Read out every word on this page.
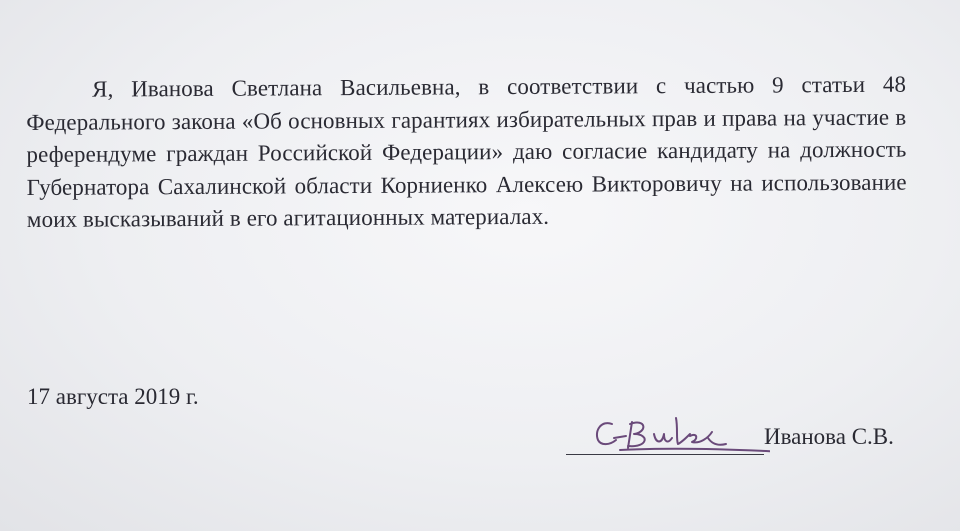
Я, Иванова Светлана Васильевна, в соответствии с частью 9 статьи 48 Федерального закона «Об основных гарантиях избирательных прав и права на участие в референдуме граждан Российской Федерации» даю согласие кандидату на должность Губернатора Сахалинской области Корниенко Алексею Викторовичу на использование моих высказываний в его агитационных материалах.

17 августа 2019 г.

Иванова С.В.
